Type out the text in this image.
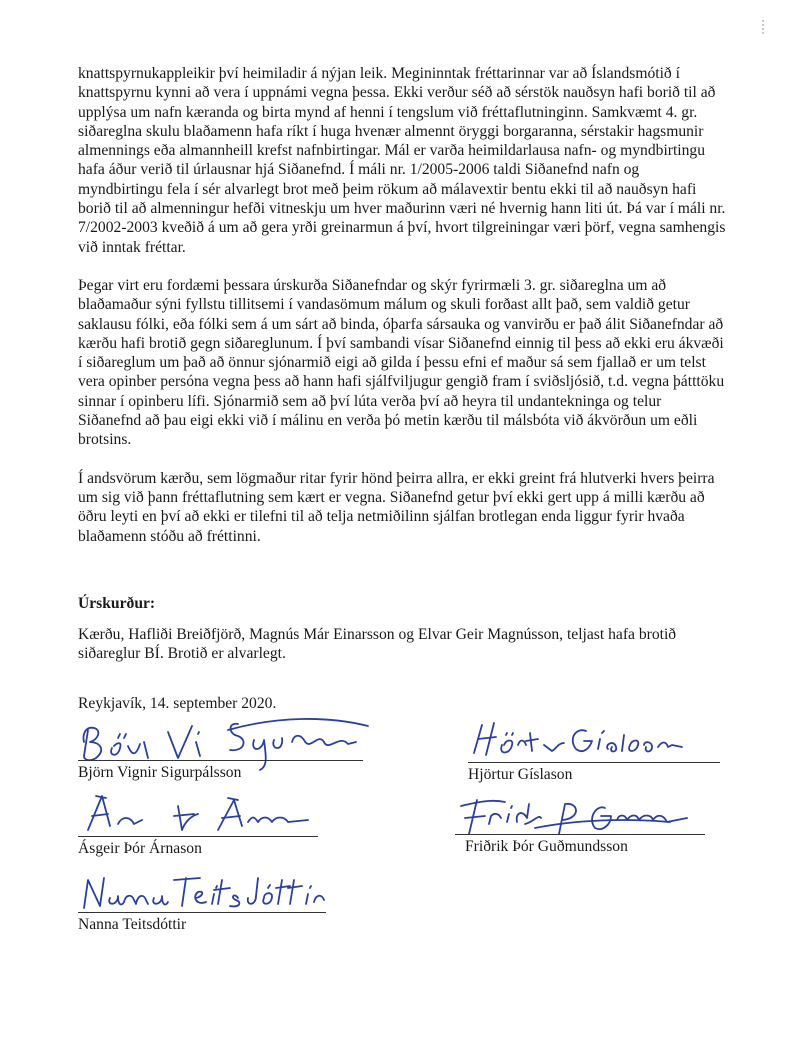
knattspyrnukappleikir því heimiladir á nýjan leik. Megininntak fréttarinnar var að Íslandsmótið í knattspyrnu kynni að vera í uppnámi vegna þessa. Ekki verður séð að sérstök nauðsyn hafi borið til að upplýsa um nafn kæranda og birta mynd af henni í tengslum við fréttaflutninginn. Samkvæmt 4. gr. siðareglna skulu blaðamenn hafa ríkt í huga hvenær almennt öryggi borgaranna, sérstakir hagsmunir almennings eða almannheill krefst nafnbirtingar. Mál er varða heimildarlausa nafn- og myndbirtingu hafa áður verið til úrlausnar hjá Siðanefnd. Í máli nr. 1/2005-2006 taldi Siðanefnd nafn og myndbirtingu fela í sér alvarlegt brot með þeim rökum að málavextir bentu ekki til að nauðsyn hafi borið til að almenningur hefði vitneskju um hver maðurinn væri né hvernig hann liti út. Þá var í máli nr. 7/2002-2003 kveðið á um að gera yrði greinarmun á því, hvort tilgreiningar væri þörf, vegna samhengis við inntak fréttar.

Þegar virt eru fordæmi þessara úrskurða Siðanefndar og skýr fyrirmæli 3. gr. siðareglna um að blaðamaður sýni fyllstu tillitsemi í vandasömum málum og skuli forðast allt það, sem valdið getur saklausu fólki, eða fólki sem á um sárt að binda, óþarfa sársauka og vanvirðu er það álit Siðanefndar að kærðu hafi brotið gegn siðareglunum. Í því sambandi vísar Siðanefnd einnig til þess að ekki eru ákvæði í siðareglum um það að önnur sjónarmið eigi að gilda í þessu efni ef maður sá sem fjallað er um telst vera opinber persóna vegna þess að hann hafi sjálfviljugur gengið fram í sviðsljósið, t.d. vegna þátttöku sinnar í opinberu lífi. Sjónarmið sem að því lúta verða því að heyra til undantekninga og telur Siðanefnd að þau eigi ekki við í málinu en verða þó metin kærðu til málsbóta við ákvörðun um eðli brotsins.

Í andsvörum kærðu, sem lögmaður ritar fyrir hönd þeirra allra, er ekki greint frá hlutverki hvers þeirra um sig við þann fréttaflutning sem kært er vegna. Siðanefnd getur því ekki gert upp á milli kærðu að öðru leyti en því að ekki er tilefni til að telja netmiðilinn sjálfan brotlegan enda liggur fyrir hvaða blaðamenn stóðu að fréttinni.

Úrskurður:
Kærðu, Hafliði Breiðfjörð, Magnús Már Einarsson og Elvar Geir Magnússon, teljast hafa brotið siðareglur BÍ. Brotið er alvarlegt.
Reykjavík, 14. september 2020.
Björn Vignir Sigurpálsson	Hjörtur Gíslason
Ásgeir Þór Árnason	Friðrik Þór Guðmundsson
Nanna Teitsdóttir
